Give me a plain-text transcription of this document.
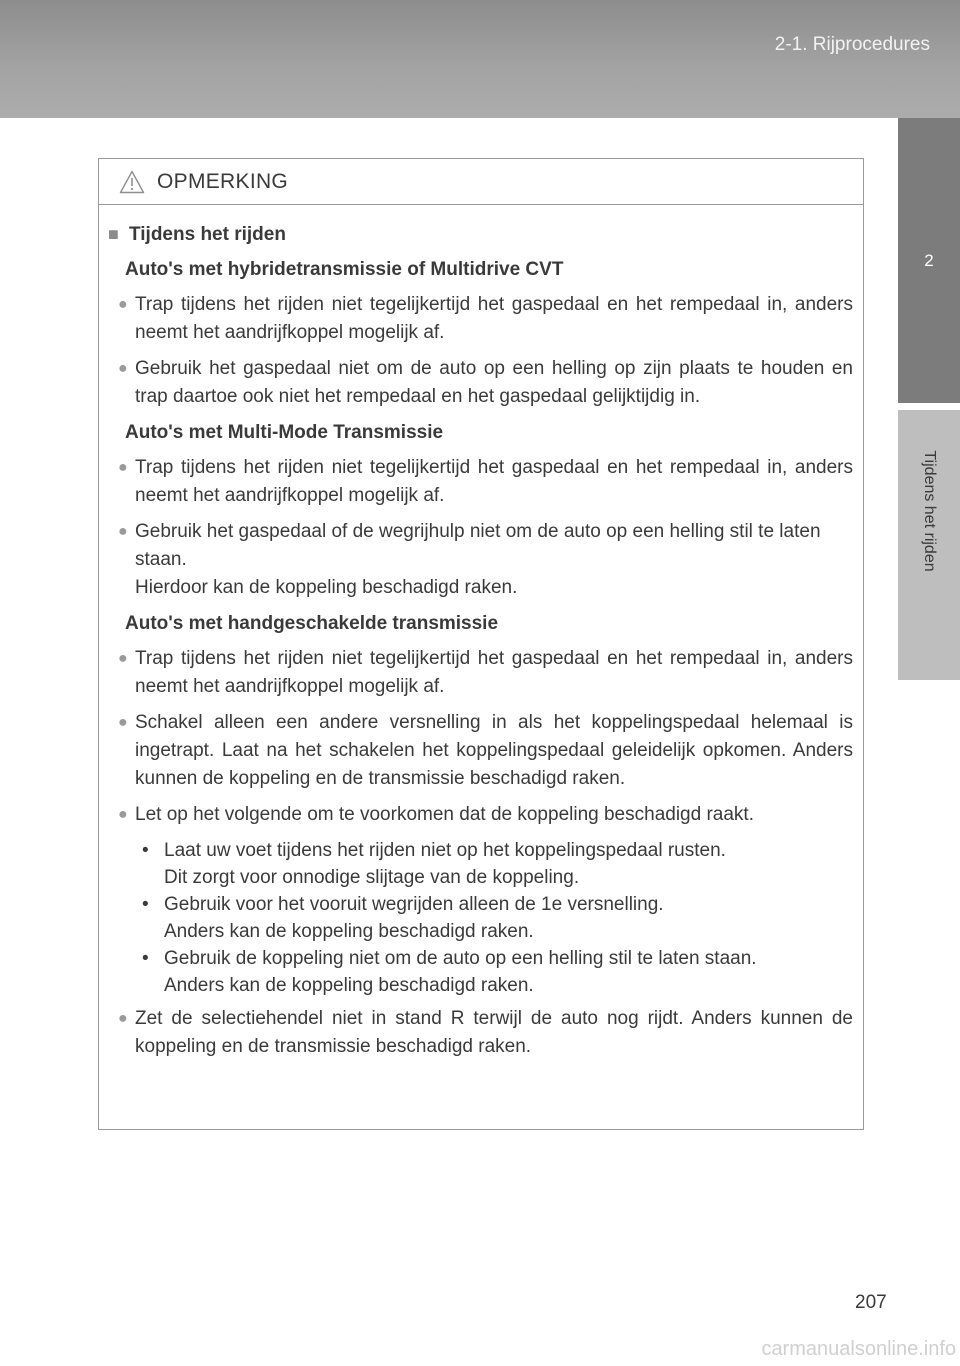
2-1. Rijprocedures
2
Tijdens het rijden
OPMERKING
■ Tijdens het rijden
Auto's met hybridetransmissie of Multidrive CVT
● Trap tijdens het rijden niet tegelijkertijd het gaspedaal en het rempedaal in, anders neemt het aandrijfkoppel mogelijk af.
● Gebruik het gaspedaal niet om de auto op een helling op zijn plaats te houden en trap daartoe ook niet het rempedaal en het gaspedaal gelijktijdig in.
Auto's met Multi-Mode Transmissie
● Trap tijdens het rijden niet tegelijkertijd het gaspedaal en het rempedaal in, anders neemt het aandrijfkoppel mogelijk af.
● Gebruik het gaspedaal of de wegrijhulp niet om de auto op een helling stil te laten staan.
Hierdoor kan de koppeling beschadigd raken.
Auto's met handgeschakelde transmissie
● Trap tijdens het rijden niet tegelijkertijd het gaspedaal en het rempedaal in, anders neemt het aandrijfkoppel mogelijk af.
● Schakel alleen een andere versnelling in als het koppelingspedaal helemaal is ingetrapt. Laat na het schakelen het koppelingspedaal geleidelijk opkomen. Anders kunnen de koppeling en de transmissie beschadigd raken.
● Let op het volgende om te voorkomen dat de koppeling beschadigd raakt.
• Laat uw voet tijdens het rijden niet op het koppelingspedaal rusten.
Dit zorgt voor onnodige slijtage van de koppeling.
• Gebruik voor het vooruit wegrijden alleen de 1e versnelling.
Anders kan de koppeling beschadigd raken.
• Gebruik de koppeling niet om de auto op een helling stil te laten staan.
Anders kan de koppeling beschadigd raken.
● Zet de selectiehendel niet in stand R terwijl de auto nog rijdt. Anders kunnen de koppeling en de transmissie beschadigd raken.
207
carmanualsonline.info
